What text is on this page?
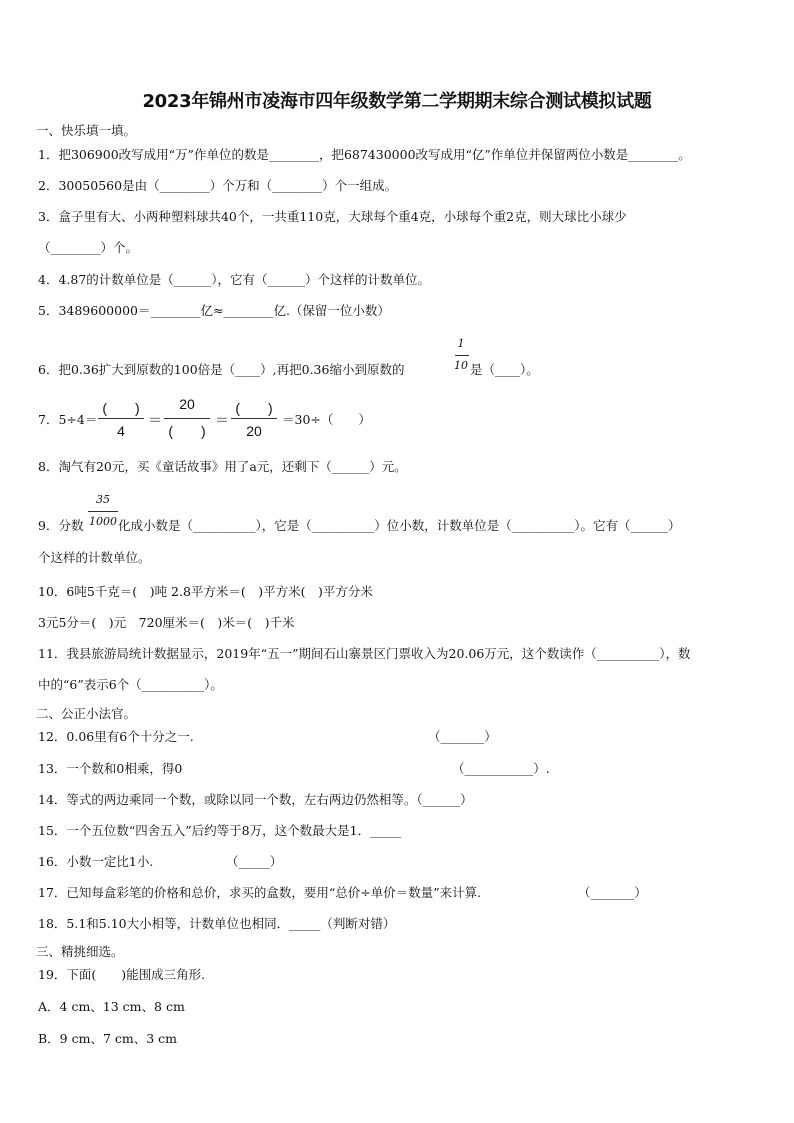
2023年锦州市凌海市四年级数学第二学期期末综合测试模拟试题
一、快乐填一填。
1．把306900改写成用“万”作单位的数是________，把687430000改写成用“亿”作单位并保留两位小数是________。
2．30050560是由（________）个万和（________）个一组成。
3．盒子里有大、小两种塑料球共40个，一共重110克，大球每个重4克，小球每个重2克，则大球比小球少
（________）个。
4．4.87的计数单位是（______），它有（______）个这样的计数单位。
5．3489600000＝________亿≈________亿.（保留一位小数）
6．把0.36扩大到原数的100倍是（____）,再把0.36缩小到原数的
1
10 是（____）。
7．5÷4＝
(　　)
4
＝
20
(　　)
＝
(　　)
20
＝30÷（　　）
8．淘气有20元，买《童话故事》用了a元，还剩下（______）元。
9．分数
35
1000 化成小数是（__________），它是（__________）位小数，计数单位是（__________）。它有（______）
个这样的计数单位。
10．6吨5千克＝(　)吨 2.8平方米＝(　)平方米(　)平方分米
3元5分＝(　)元　720厘米＝(　)米＝(　)千米
11．我县旅游局统计数据显示，2019年“五一”期间石山寨景区门票收入为20.06万元，这个数读作（__________），数
中的“6”表示6个（__________）。
二、公正小法官。
12．0.06里有6个十分之一.	（_______）
13．一个数和0相乘，得0	（___________）.
14．等式的两边乘同一个数，或除以同一个数，左右两边仍然相等。（______）
15．一个五位数“四舍五入”后约等于8万，这个数最大是1．_____
16．小数一定比1小.	（_____）
17．已知每盒彩笔的价格和总价，求买的盒数，要用“总价÷单价＝数量”来计算.	（_______）
18．5.1和5.10大小相等，计数单位也相同．_____（判断对错）
三、精挑细选。
19．下面(　　)能围成三角形.
A．4 cm、13 cm、8 cm
B．9 cm、7 cm、3 cm
